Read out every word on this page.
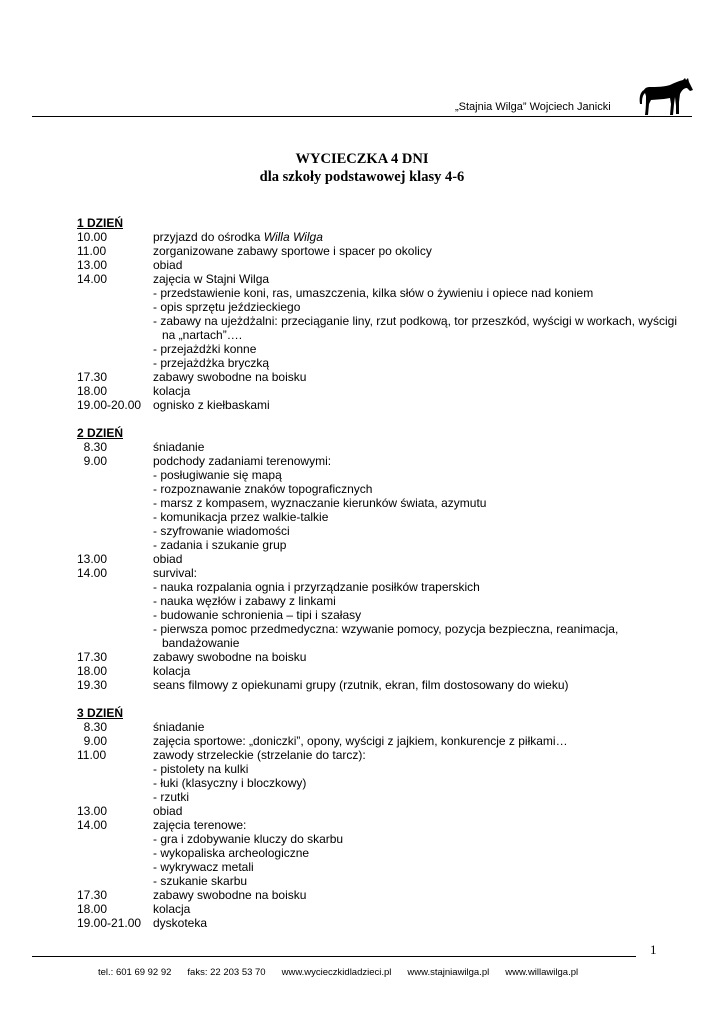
„Stajnia Wilga” Wojciech Janicki
WYCIECZKA 4 DNI
dla szkoły podstawowej klasy 4-6
1 DZIEŃ
10.00	przyjazd do ośrodka Willa Wilga
11.00	zorganizowane zabawy sportowe i spacer po okolicy
13.00	obiad
14.00	zajęcia w Stajni Wilga
- przedstawienie koni, ras, umaszczenia, kilka słów o żywieniu i opiece nad koniem
- opis sprzętu jeździeckiego
- zabawy na ujeżdżalni: przeciąganie liny, rzut podkową, tor przeszkód, wyścigi w workach, wyścigi na „nartach”….
- przejażdżki konne
- przejażdżka bryczką
17.30	zabawy swobodne na boisku
18.00	kolacja
19.00-20.00 ognisko z kiełbaskami
2 DZIEŃ
8.30	śniadanie
9.00	podchody zadaniami terenowymi:
- posługiwanie się mapą
- rozpoznawanie znaków topograficznych
- marsz z kompasem, wyznaczanie kierunków świata, azymutu
- komunikacja przez walkie-talkie
- szyfrowanie wiadomości
- zadania i szukanie grup
13.00	obiad
14.00	survival:
- nauka rozpalania ognia i przyrządzanie posiłków traperskich
- nauka węzłów i zabawy z linkami
- budowanie schronienia – tipi i szałasy
- pierwsza pomoc przedmedyczna: wzywanie pomocy, pozycja bezpieczna, reanimacja, bandażowanie
17.30	zabawy swobodne na boisku
18.00	kolacja
19.30	seans filmowy z opiekunami grupy (rzutnik, ekran, film dostosowany do wieku)
3 DZIEŃ
8.30	śniadanie
9.00	zajęcia sportowe: „doniczki”, opony, wyścigi z jajkiem, konkurencje z piłkami…
11.00	zawody strzeleckie (strzelanie do tarcz):
- pistolety na kulki
- łuki (klasyczny i bloczkowy)
- rzutki
13.00	obiad
14.00	zajęcia terenowe:
- gra i zdobywanie kluczy do skarbu
- wykopaliska archeologiczne
- wykrywacz metali
- szukanie skarbu
17.30	zabawy swobodne na boisku
18.00	kolacja
19.00-21.00 dyskoteka
1
tel.: 601 69 92 92 faks: 22 203 53 70 www.wycieczkidladzieci.pl www.stajniawilga.pl www.willawilga.pl
